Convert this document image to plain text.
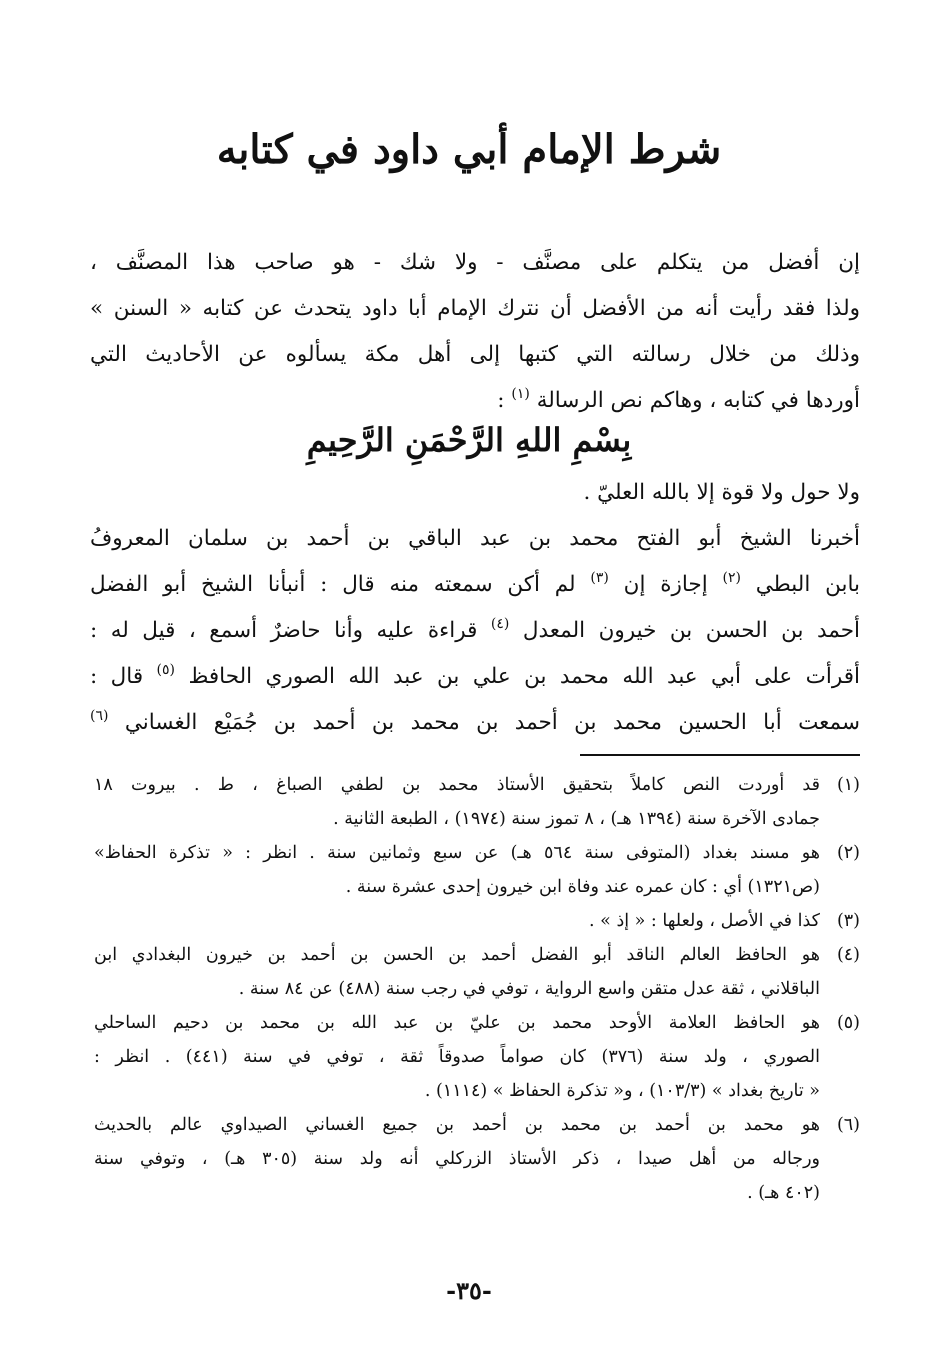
شرط الإمام أبي داود في كتابه
إن أفضل من يتكلم على مصنَّف - ولا شك - هو صاحب هذا المصنَّف ،
ولذا فقد رأيت أنه من الأفضل أن نترك الإمام أبا داود يتحدث عن كتابه « السنن »
وذلك من خلال رسالته التي كتبها إلى أهل مكة يسألوه عن الأحاديث التي
أوردها في كتابه ، وهاكم نص الرسالة $^{(١)}$ :

بِسْمِ اللهِ الرَّحْمَنِ الرَّحِيمِ

ولا حول ولا قوة إلا بالله العليّ .

أخبرنا الشيخ أبو الفتح محمد بن عبد الباقي بن أحمد بن سلمان المعروفُ
بابن البطي $^{(٢)}$ إجازة إن $^{(٣)}$ لم أكن سمعته منه قال : أنبأنا الشيخ أبو الفضل
أحمد بن الحسن بن خيرون المعدل $^{(٤)}$ قراءة عليه وأنا حاضرٌ أسمع ، قيل له :
أقرأت على أبي عبد الله محمد بن علي بن عبد الله الصوري الحافظ $^{(٥)}$ قال :
سمعت أبا الحسين محمد بن أحمد بن محمد بن أحمد بن جُمَيْع الغساني $^{(٦)}$
(١)
قد أوردت النص كاملاً بتحقيق الأستاذ محمد بن لطفي الصباغ ، ط . بيروت ١٨
جمادى الآخرة سنة (١٣٩٤ هـ) ، ٨ تموز سنة (١٩٧٤) ، الطبعة الثانية .
(٢)
هو مسند بغداد (المتوفى سنة ٥٦٤ هـ) عن سبع وثمانين سنة . انظر : « تذكرة الحفاظ»
(ص١٣٢١) أي : كان عمره عند وفاة ابن خيرون إحدى عشرة سنة .
(٣)
كذا في الأصل ، ولعلها : « إذ » .
(٤)
هو الحافظ العالم الناقد أبو الفضل أحمد بن الحسن بن أحمد بن خيرون البغدادي ابن
الباقلاني ، ثقة عدل متقن واسع الرواية ، توفي في رجب سنة (٤٨٨) عن ٨٤ سنة .
(٥)
هو الحافظ العلامة الأوحد محمد بن عليّ بن عبد الله بن محمد بن دحيم الساحلي
الصوري ، ولد سنة (٣٧٦) كان صواماً صدوقاً ثقة ، توفي في سنة (٤٤١) . انظر :
« تاريخ بغداد » (١٠٣/٣) ، و« تذكرة الحفاظ » (١١١٤) .
(٦)
هو محمد بن أحمد بن محمد بن أحمد بن جميع الغساني الصيداوي عالم بالحديث
ورجاله من أهل صيدا ، ذكر الأستاذ الزركلي أنه ولد سنة (٣٠٥ هـ) ، وتوفي سنة
(٤٠٢ هـ) .

-٣٥-
